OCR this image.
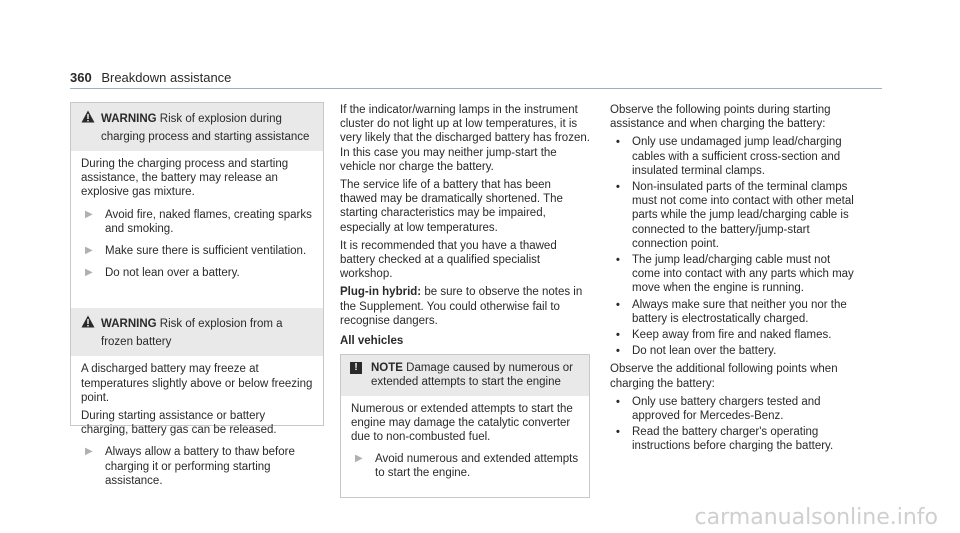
360 Breakdown assistance
WARNING Risk of explosion during charging process and starting assistance

During the charging process and starting assistance, the battery may release an explosive gas mixture.

▶	Avoid fire, naked flames, creating sparks and smoking.
▶	Make sure there is sufficient ventilation.
▶	Do not lean over a battery.
WARNING Risk of explosion from a frozen battery

A discharged battery may freeze at temperatures slightly above or below freezing point.

During starting assistance or battery charging, battery gas can be released.

▶	Always allow a battery to thaw before charging it or performing starting assistance.

If the indicator/warning lamps in the instrument cluster do not light up at low temperatures, it is very likely that the discharged battery has frozen. In this case you may neither jump-start the vehicle nor charge the battery.

The service life of a battery that has been thawed may be dramatically shortened. The starting characteristics may be impaired, especially at low temperatures.

It is recommended that you have a thawed battery checked at a qualified specialist workshop.

Plug-in hybrid: be sure to observe the notes in the Supplement. You could otherwise fail to recognise dangers.

All vehicles

!	NOTE Damage caused by numerous or extended attempts to start the engine

Numerous or extended attempts to start the engine may damage the catalytic converter due to non-combusted fuel.

▶	Avoid numerous and extended attempts to start the engine.

Observe the following points during starting assistance and when charging the battery:

•	Only use undamaged jump lead/charging cables with a sufficient cross-section and insulated terminal clamps.
•	Non-insulated parts of the terminal clamps must not come into contact with other metal parts while the jump lead/charging cable is connected to the battery/jump-start connection point.
•	The jump lead/charging cable must not come into contact with any parts which may move when the engine is running.
•	Always make sure that neither you nor the battery is electrostatically charged.
•	Keep away from fire and naked flames.
•	Do not lean over the battery.

Observe the additional following points when charging the battery:

•	Only use battery chargers tested and approved for Mercedes-Benz.
•	Read the battery charger's operating instructions before charging the battery.
carmanualsonline.info
